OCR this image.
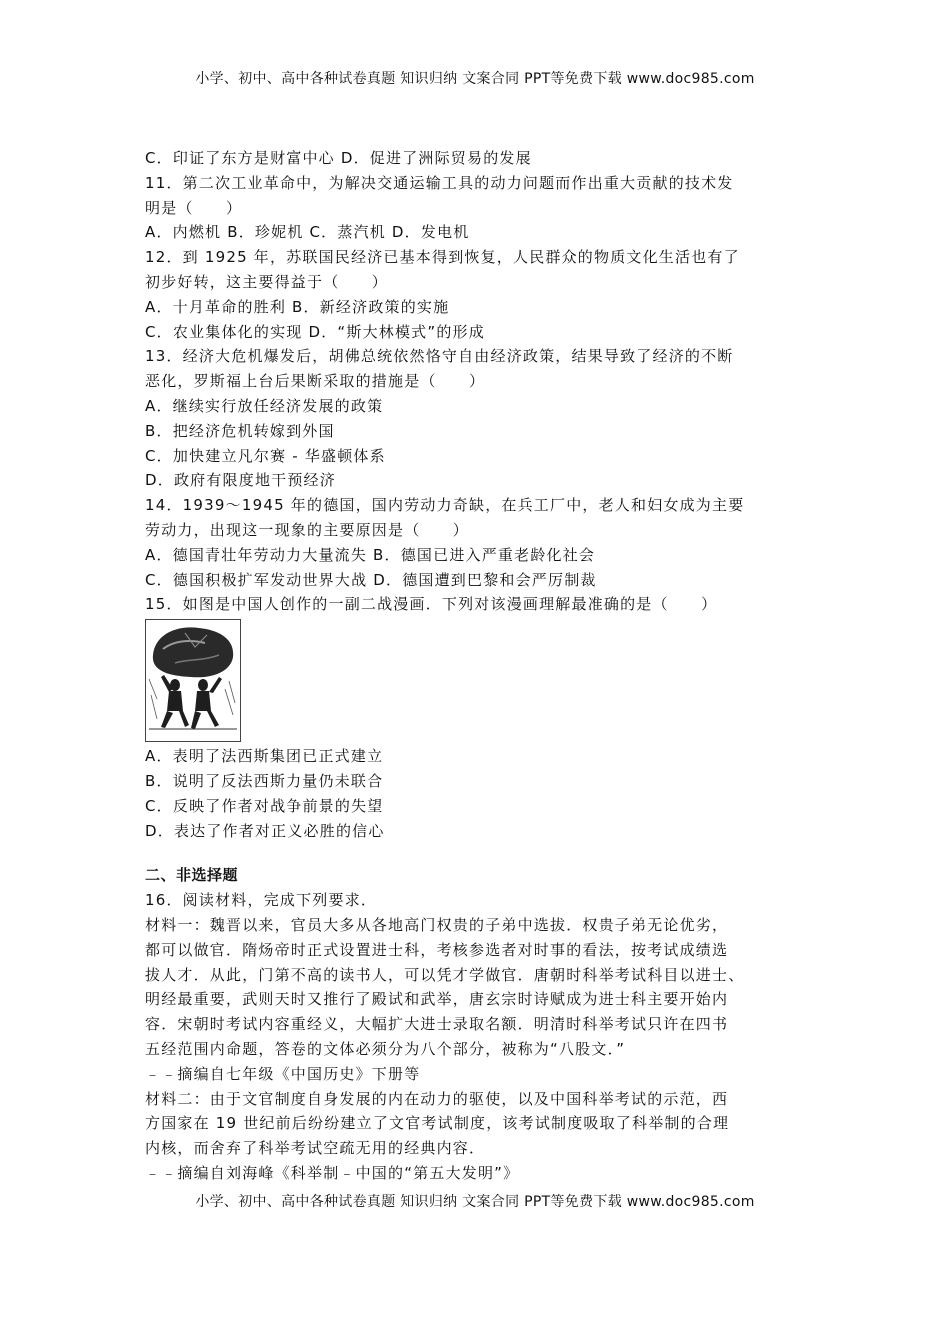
小学、初中、高中各种试卷真题 知识归纳 文案合同 PPT等免费下载 www.doc985.com
C．印证了东方是财富中心 D．促进了洲际贸易的发展
11．第二次工业革命中，为解决交通运输工具的动力问题而作出重大贡献的技术发
明是（　　）
A．内燃机 B．珍妮机 C．蒸汽机 D．发电机
12．到 1925 年，苏联国民经济已基本得到恢复，人民群众的物质文化生活也有了
初步好转，这主要得益于（　　）
A．十月革命的胜利 B．新经济政策的实施
C．农业集体化的实现 D．“斯大林模式”的形成
13．经济大危机爆发后，胡佛总统依然恪守自由经济政策，结果导致了经济的不断
恶化，罗斯福上台后果断采取的措施是（　　）
A．继续实行放任经济发展的政策
B．把经济危机转嫁到外国
C．加快建立凡尔赛 - 华盛顿体系
D．政府有限度地干预经济
14．1939～1945 年的德国，国内劳动力奇缺，在兵工厂中，老人和妇女成为主要
劳动力，出现这一现象的主要原因是（　　）
A．德国青壮年劳动力大量流失 B．德国已进入严重老龄化社会
C．德国积极扩军发动世界大战 D．德国遭到巴黎和会严厉制裁
15．如图是中国人创作的一副二战漫画．下列对该漫画理解最准确的是（　　）
A．表明了法西斯集团已正式建立
B．说明了反法西斯力量仍未联合
C．反映了作者对战争前景的失望
D．表达了作者对正义必胜的信心
二、非选择题
16．阅读材料，完成下列要求．
材料一：魏晋以来，官员大多从各地高门权贵的子弟中选拔．权贵子弟无论优劣，
都可以做官．隋炀帝时正式设置进士科，考核参选者对时事的看法，按考试成绩选
拔人才．从此，门第不高的读书人，可以凭才学做官．唐朝时科举考试科目以进士、
明经最重要，武则天时又推行了殿试和武举，唐玄宗时诗赋成为进士科主要开始内
容．宋朝时考试内容重经义，大幅扩大进士录取名额．明清时科举考试只许在四书
五经范围内命题，答卷的文体必须分为八个部分，被称为“八股文．”
﹣﹣摘编自七年级《中国历史》下册等
材料二：由于文官制度自身发展的内在动力的驱使，以及中国科举考试的示范，西
方国家在 19 世纪前后纷纷建立了文官考试制度，该考试制度吸取了科举制的合理
内核，而舍弃了科举考试空疏无用的经典内容．
﹣﹣摘编自刘海峰《科举制﹣中国的“第五大发明”》
小学、初中、高中各种试卷真题 知识归纳 文案合同 PPT等免费下载 www.doc985.com
